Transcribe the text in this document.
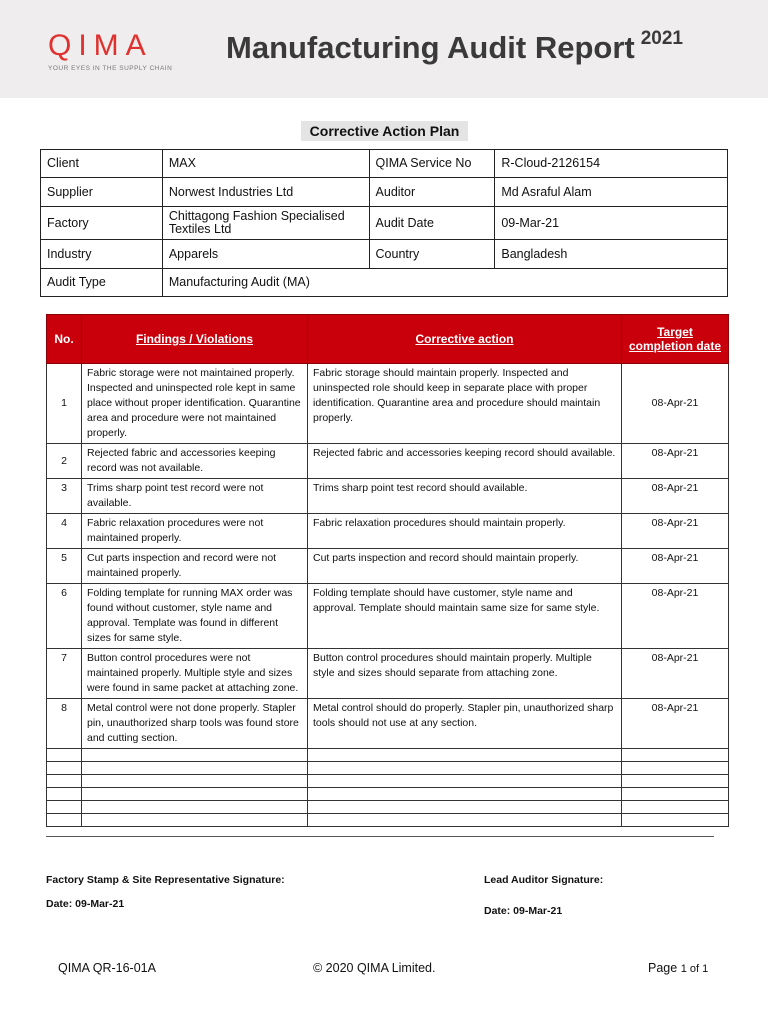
QIMA
YOUR EYES IN THE SUPPLY CHAIN
Manufacturing Audit Report $^{2021}$
Corrective Action Plan
Client	MAX	QIMA Service No	R-Cloud-2126154
Supplier	Norwest Industries Ltd	Auditor	Md Asraful Alam
Factory	Chittagong Fashion Specialised Textiles Ltd	Audit Date	09-Mar-21
Industry	Apparels	Country	Bangladesh
Audit Type	Manufacturing Audit (MA)		
No.	Findings / Violations	Corrective action	Target completion date
1	Fabric storage were not maintained properly. Inspected and uninspected role kept in same place without proper identification. Quarantine area and procedure were not maintained properly.	Fabric storage should maintain properly. Inspected and uninspected role should keep in separate place with proper identification. Quarantine area and procedure should maintain properly.	08-Apr-21
2	Rejected fabric and accessories keeping record was not available.	Rejected fabric and accessories keeping record should available.	08-Apr-21
3	Trims sharp point test record were not available.	Trims sharp point test record should available.	08-Apr-21
4	Fabric relaxation procedures were not maintained properly.	Fabric relaxation procedures should maintain properly.	08-Apr-21
5	Cut parts inspection and record were not maintained properly.	Cut parts inspection and record should maintain properly.	08-Apr-21
6	Folding template for running MAX order was found without customer, style name and approval. Template was found in different sizes for same style.	Folding template should have customer, style name and approval. Template should maintain same size for same style.	08-Apr-21
7	Button control procedures were not maintained properly. Multiple style and sizes were found in same packet at attaching zone.	Button control procedures should maintain properly. Multiple style and sizes should separate from attaching zone.	08-Apr-21
8	Metal control were not done properly. Stapler pin, unauthorized sharp tools was found store and cutting section.	Metal control should do properly. Stapler pin, unauthorized sharp tools should not use at any section.	08-Apr-21

Factory Stamp & Site Representative Signature:
Date: 09-Mar-21
Lead Auditor Signature:
Date: 09-Mar-21
QIMA QR-16-01A	© 2020 QIMA Limited.	Page 1 of 1
